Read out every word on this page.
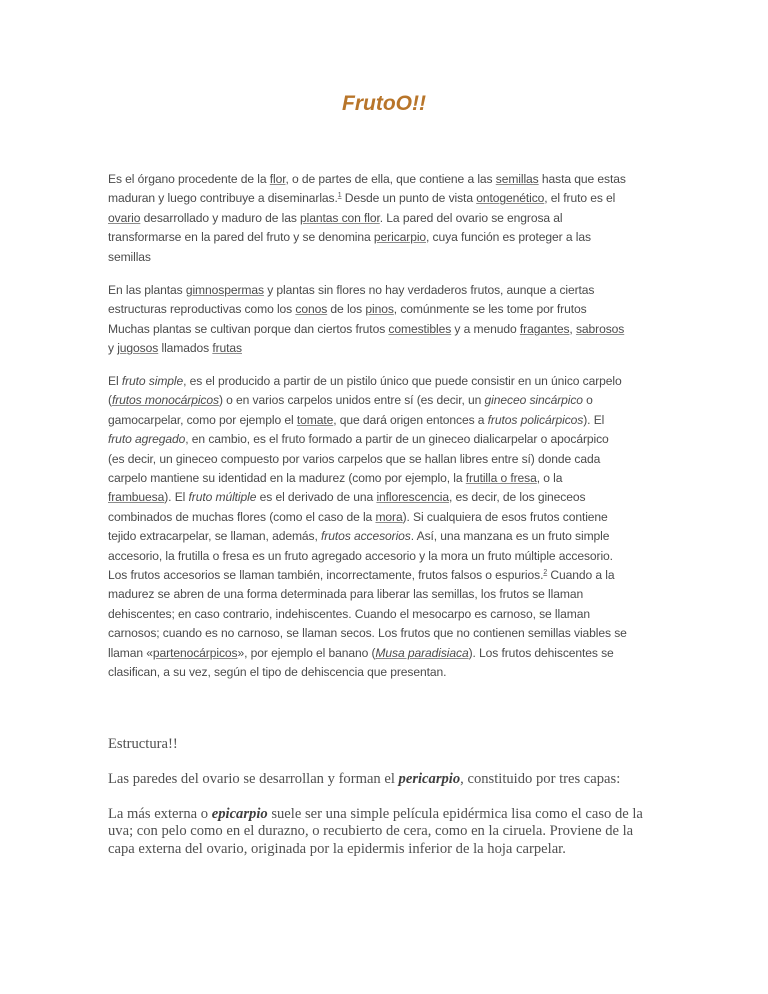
FrutoO!!

Es el órgano procedente de la flor, o de partes de ella, que contiene a las semillas hasta que estas
maduran y luego contribuye a diseminarlas.$^1$ Desde un punto de vista ontogenético, el fruto es el
ovario desarrollado y maduro de las plantas con flor. La pared del ovario se engrosa al
transformarse en la pared del fruto y se denomina pericarpio, cuya función es proteger a las
semillas

En las plantas gimnospermas y plantas sin flores no hay verdaderos frutos, aunque a ciertas
estructuras reproductivas como los conos de los pinos, comúnmente se les tome por frutos
Muchas plantas se cultivan porque dan ciertos frutos comestibles y a menudo fragantes, sabrosos
y jugosos llamados frutas

El fruto simple, es el producido a partir de un pistilo único que puede consistir en un único carpelo
(frutos monocárpicos) o en varios carpelos unidos entre sí (es decir, un gineceo sincárpico o
gamocarpelar, como por ejemplo el tomate, que dará origen entonces a frutos policárpicos). El
fruto agregado, en cambio, es el fruto formado a partir de un gineceo dialicarpelar o apocárpico
(es decir, un gineceo compuesto por varios carpelos que se hallan libres entre sí) donde cada
carpelo mantiene su identidad en la madurez (como por ejemplo, la frutilla o fresa, o la
frambuesa). El fruto múltiple es el derivado de una inflorescencia, es decir, de los gineceos
combinados de muchas flores (como el caso de la mora). Si cualquiera de esos frutos contiene
tejido extracarpelar, se llaman, además, frutos accesorios. Así, una manzana es un fruto simple
accesorio, la frutilla o fresa es un fruto agregado accesorio y la mora un fruto múltiple accesorio.
Los frutos accesorios se llaman también, incorrectamente, frutos falsos o espurios.$^2$ Cuando a la
madurez se abren de una forma determinada para liberar las semillas, los frutos se llaman
dehiscentes; en caso contrario, indehiscentes. Cuando el mesocarpo es carnoso, se llaman
carnosos; cuando es no carnoso, se llaman secos. Los frutos que no contienen semillas viables se
llaman «partenocárpicos», por ejemplo el banano (Musa paradisiaca). Los frutos dehiscentes se
clasifican, a su vez, según el tipo de dehiscencia que presentan.

Estructura!!

Las paredes del ovario se desarrollan y forman el pericarpio, constituido por tres capas:

La más externa o epicarpio suele ser una simple película epidérmica lisa como el caso de la
uva; con pelo como en el durazno, o recubierto de cera, como en la ciruela. Proviene de la
capa externa del ovario, originada por la epidermis inferior de la hoja carpelar.
